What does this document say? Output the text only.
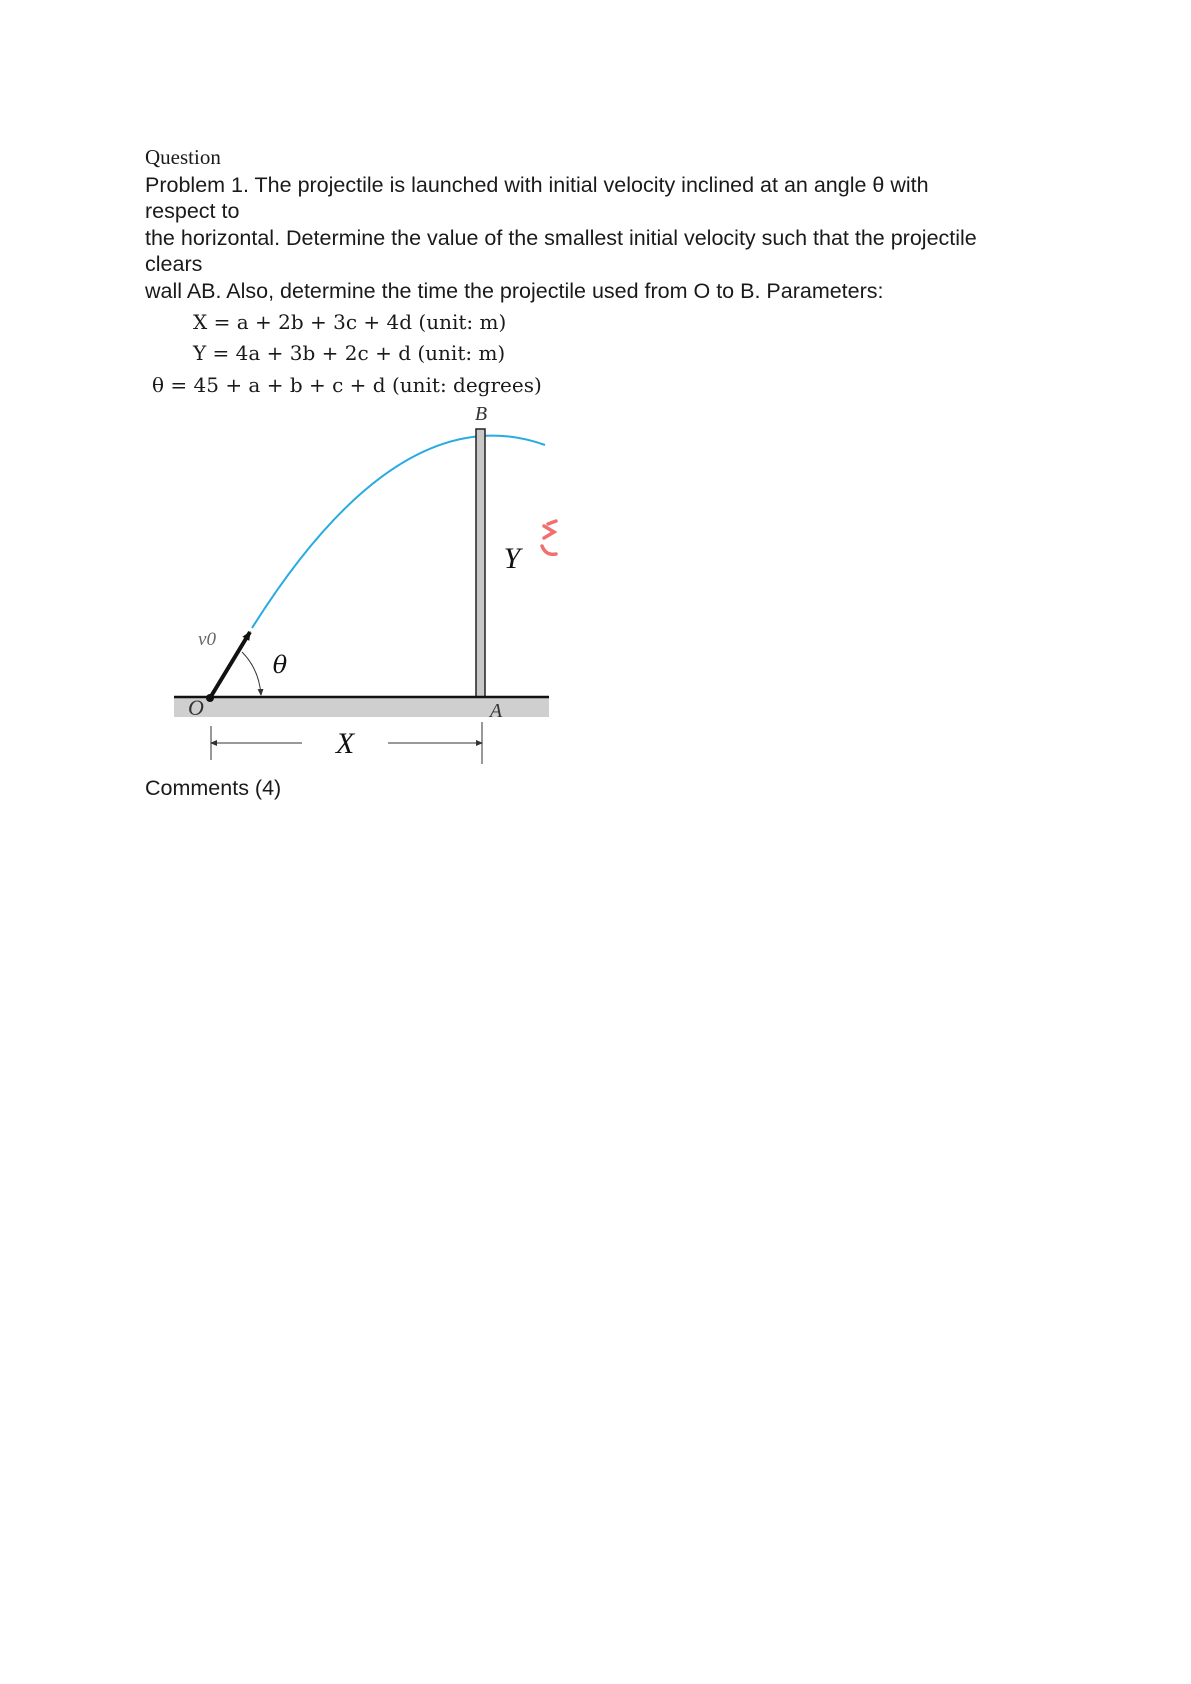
Question
Problem 1. The projectile is launched with initial velocity inclined at an angle θ with
respect to
the horizontal. Determine the value of the smallest initial velocity such that the projectile
clears
wall AB. Also, determine the time the projectile used from O to B. Parameters:
X = a + 2b + 3c + 4d (unit: m)
Y = 4a + 3b + 2c + d (unit: m)
θ = 45 + a + b + c + d (unit: degrees)
B
Y
A
O
v0
θ
X
Comments (4)
